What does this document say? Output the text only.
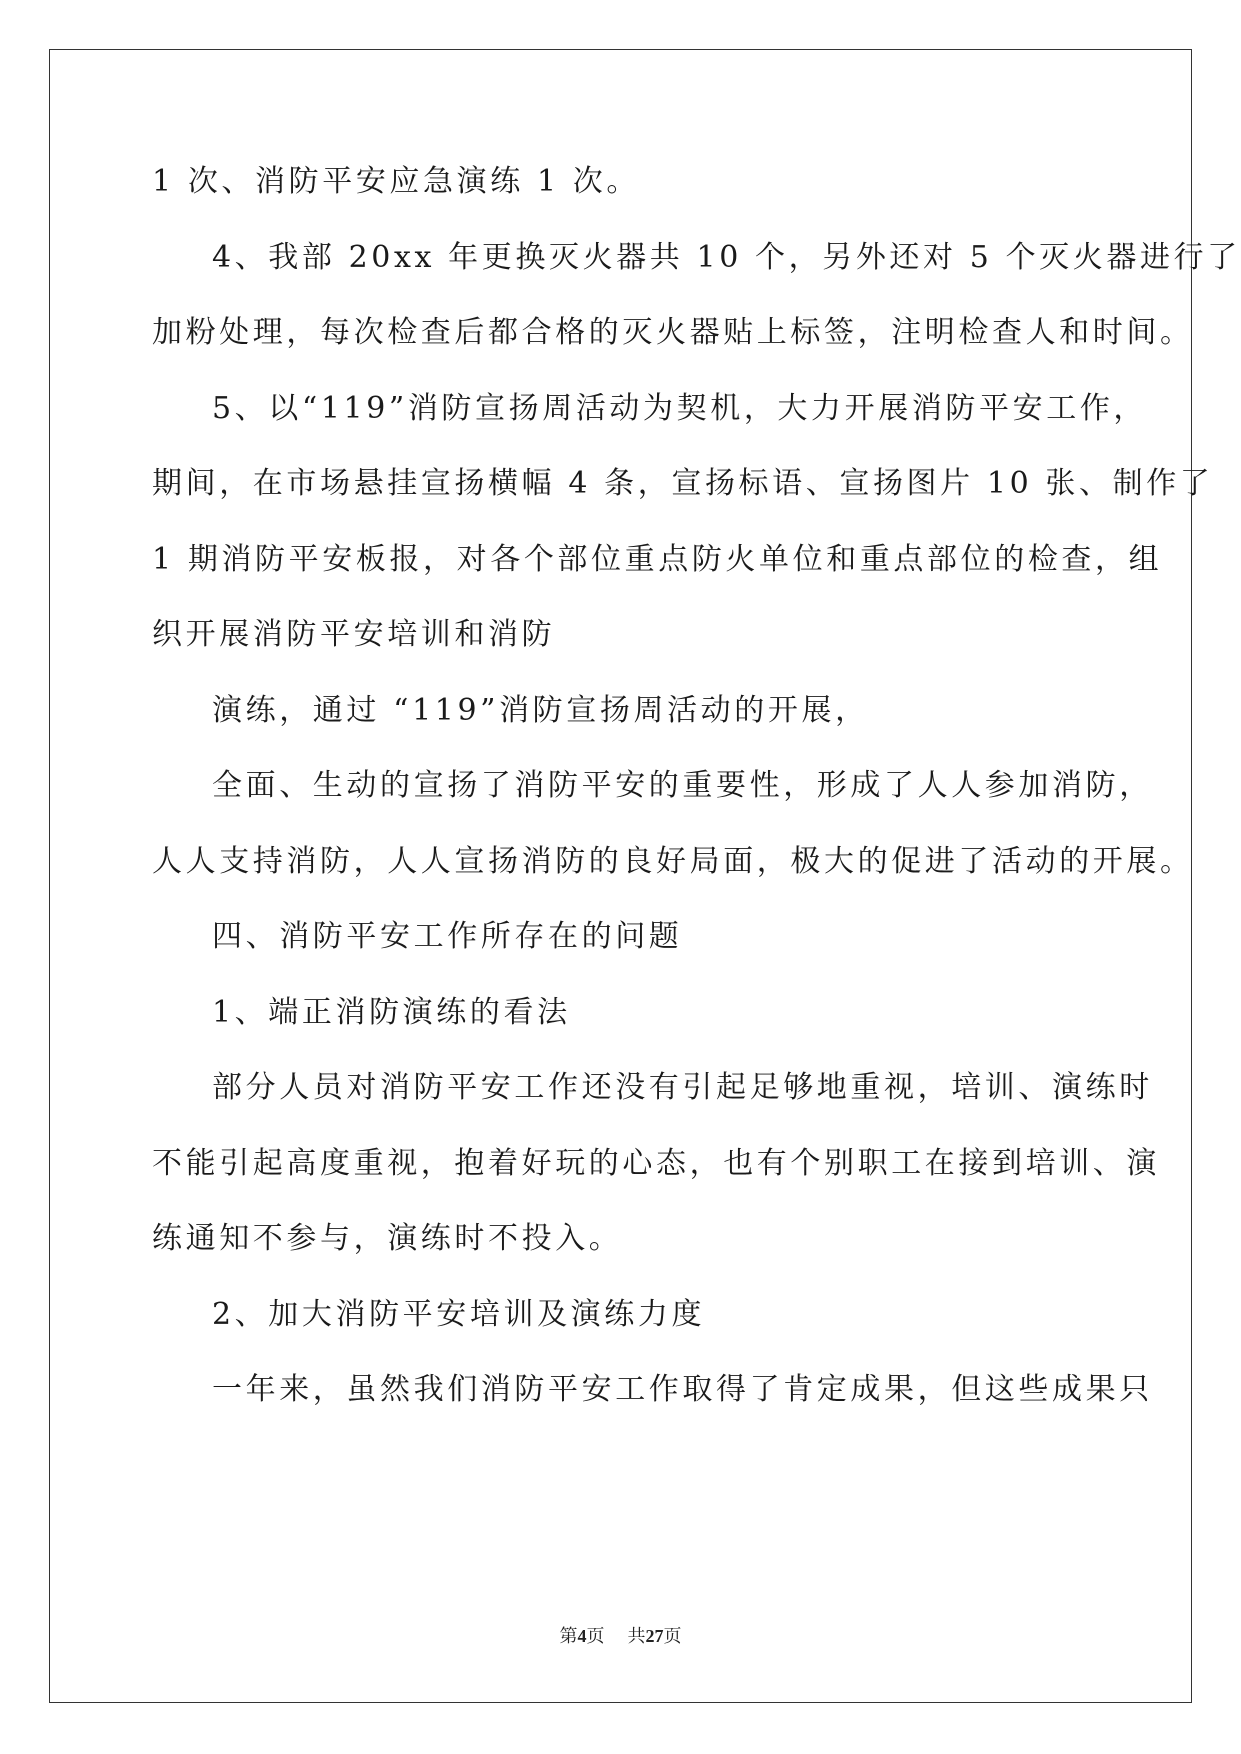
1 次、消防平安应急演练 1 次。
4、我部 20xx 年更换灭火器共 10 个，另外还对 5 个灭火器进行了
加粉处理，每次检查后都合格的灭火器贴上标签，注明检查人和时间。
5、以“119”消防宣扬周活动为契机，大力开展消防平安工作，
期间，在市场悬挂宣扬横幅 4 条，宣扬标语、宣扬图片 10 张、制作了
1 期消防平安板报，对各个部位重点防火单位和重点部位的检查，组
织开展消防平安培训和消防
演练，通过 “119”消防宣扬周活动的开展，
全面、生动的宣扬了消防平安的重要性，形成了人人参加消防，
人人支持消防，人人宣扬消防的良好局面，极大的促进了活动的开展。
四、消防平安工作所存在的问题
1、端正消防演练的看法
部分人员对消防平安工作还没有引起足够地重视，培训、演练时
不能引起高度重视，抱着好玩的心态，也有个别职工在接到培训、演
练通知不参与，演练时不投入。
2、加大消防平安培训及演练力度
一年来，虽然我们消防平安工作取得了肯定成果，但这些成果只
第4页 共27页
